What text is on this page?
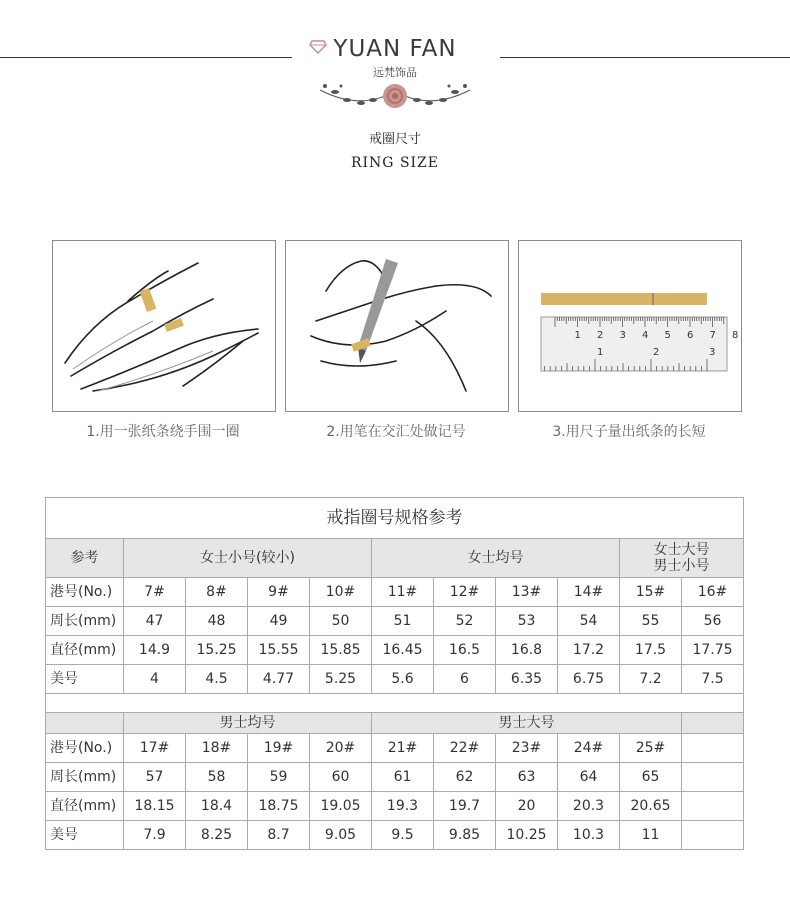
YUAN FAN
远梵饰品
戒圈尺寸
RING SIZE
1.用一张纸条绕手围一圈	2.用笔在交汇处做记号
1 2 3 4 5 6 7 8
1	2	3
3.用尺子量出纸条的长短
戒指圈号规格参考										
参考	女士小号(较小)				女士均号				女士大号
男士小号	
港号(No.)	7#	8#	9#	10#	11#	12#	13#	14#	15#	16#
周长(mm)	47	48	49	50	51	52	53	54	55	56
直径(mm)	14.9	15.25	15.55	15.85	16.45	16.5	16.8	17.2	17.5	17.75
美号	4	4.5	4.77	5.25	5.6	6	6.35	6.75	7.2	7.5

	男士均号				男士大号					
港号(No.)	17#	18#	19#	20#	21#	22#	23#	24#	25#	
周长(mm)	57	58	59	60	61	62	63	64	65	
直径(mm)	18.15	18.4	18.75	19.05	19.3	19.7	20	20.3	20.65	
美号	7.9	8.25	8.7	9.05	9.5	9.85	10.25	10.3	11	
